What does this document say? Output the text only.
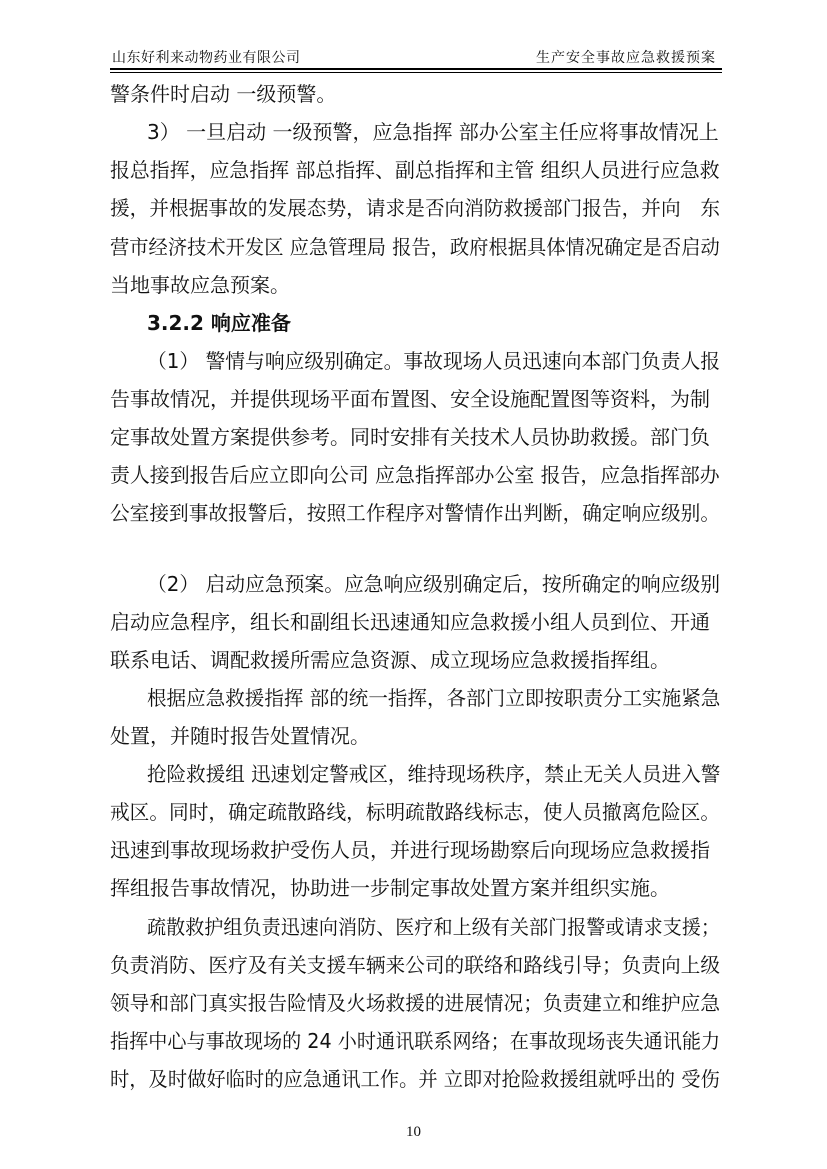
山东好利来动物药业有限公司	生产安全事故应急救援预案
警条件时启动 一级预警。
3） 一旦启动 一级预警，应急指挥 部办公室主任应将事故情况上
报总指挥，应急指挥 部总指挥、副总指挥和主管 组织人员进行应急救
援，并根据事故的发展态势，请求是否向消防救援部门报告，并向　东
营市经济技术开发区 应急管理局 报告，政府根据具体情况确定是否启动
当地事故应急预案。
3.2.2 响应准备
（1） 警情与响应级别确定。事故现场人员迅速向本部门负责人报
告事故情况，并提供现场平面布置图、安全设施配置图等资料，为制
定事故处置方案提供参考。同时安排有关技术人员协助救援。部门负
责人接到报告后应立即向公司 应急指挥部办公室 报告，应急指挥部办
公室接到事故报警后，按照工作程序对警情作出判断，确定响应级别。
（2） 启动应急预案。应急响应级别确定后，按所确定的响应级别
启动应急程序，组长和副组长迅速通知应急救援小组人员到位、开通
联系电话、调配救援所需应急资源、成立现场应急救援指挥组。
根据应急救援指挥 部的统一指挥，各部门立即按职责分工实施紧急
处置，并随时报告处置情况。
抢险救援组 迅速划定警戒区，维持现场秩序，禁止无关人员进入警
戒区。同时，确定疏散路线，标明疏散路线标志，使人员撤离危险区。
迅速到事故现场救护受伤人员，并进行现场勘察后向现场应急救援指
挥组报告事故情况，协助进一步制定事故处置方案并组织实施。
疏散救护组负责迅速向消防、医疗和上级有关部门报警或请求支援；
负责消防、医疗及有关支援车辆来公司的联络和路线引导；负责向上级
领导和部门真实报告险情及火场救援的进展情况；负责建立和维护应急
指挥中心与事故现场的 24 小时通讯联系网络；在事故现场丧失通讯能力
时，及时做好临时的应急通讯工作。并 立即对抢险救援组就呼出的 受伤
10
